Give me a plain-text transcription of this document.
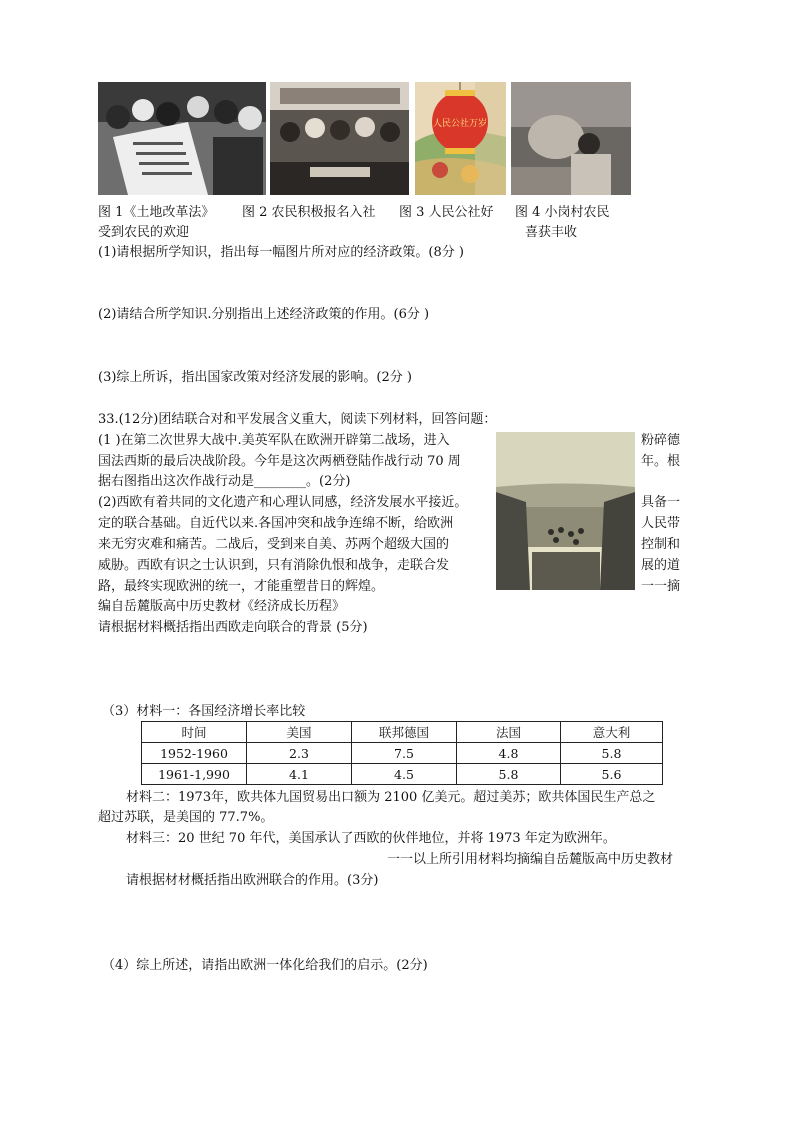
人民公社万岁
图 1《土地改革法》 图 2 农民积极报名入社 图 3 人民公社好 图 4 小岗村农民
受到农民的欢迎	喜获丰收
(1)请根据所学知识，指出每一幅图片所对应的经济政策。(8分 )
(2)请结合所学知识.分别指出上述经济政策的作用。(6分 )
(3)综上所诉，指出国家改策对经济发展的影响。(2分 )
33.(12分)团结联合对和平发展含义重大，阅读下列材料，回答问题：
(1 )在第二次世界大战中.美英军队在欧洲开辟第二战场，进入	粉碎德
国法西斯的最后决战阶段。今年是这次两栖登陆作战行动 70 周	年。根
据右图指出这次作战行动是________。(2分)
(2)西欧有着共同的文化遗产和心理认同感，经济发展水平接近。	具备一
定的联合基础。自近代以来.各国冲突和战争连绵不断，给欧洲	人民带
来无穷灾难和痛苦。二战后，受到来自美、苏两个超级大国的	控制和
威胁。西欧有识之士认识到，只有消除仇恨和战争，走联合发	展的道
路，最终实现欧洲的统一，才能重塑昔日的辉煌。	一一摘
编自岳麓版高中历史教材《经济成长历程》
请根据材料概括指出西欧走向联合的背景 (5分)
（3）材料一：各国经济增长率比较
时间	美国	联邦德国	法国	意大利
1952-1960	2.3	7.5	4.8	5.8
1961-1,990	4.1	4.5	5.8	5.6
材料二：1973年，欧共体九国贸易出口额为 2100 亿美元。超过美苏；欧共体国民生产总之
超过苏联，是美国的 77.7%。
材料三：20 世纪 70 年代，美国承认了西欧的伙伴地位，并将 1973 年定为欧洲年。
一一以上所引用材料均摘编自岳麓版高中历史教材
请根据材材概括指出欧洲联合的作用。(3分)
（4）综上所述，请指出欧洲一体化给我们的启示。(2分)
